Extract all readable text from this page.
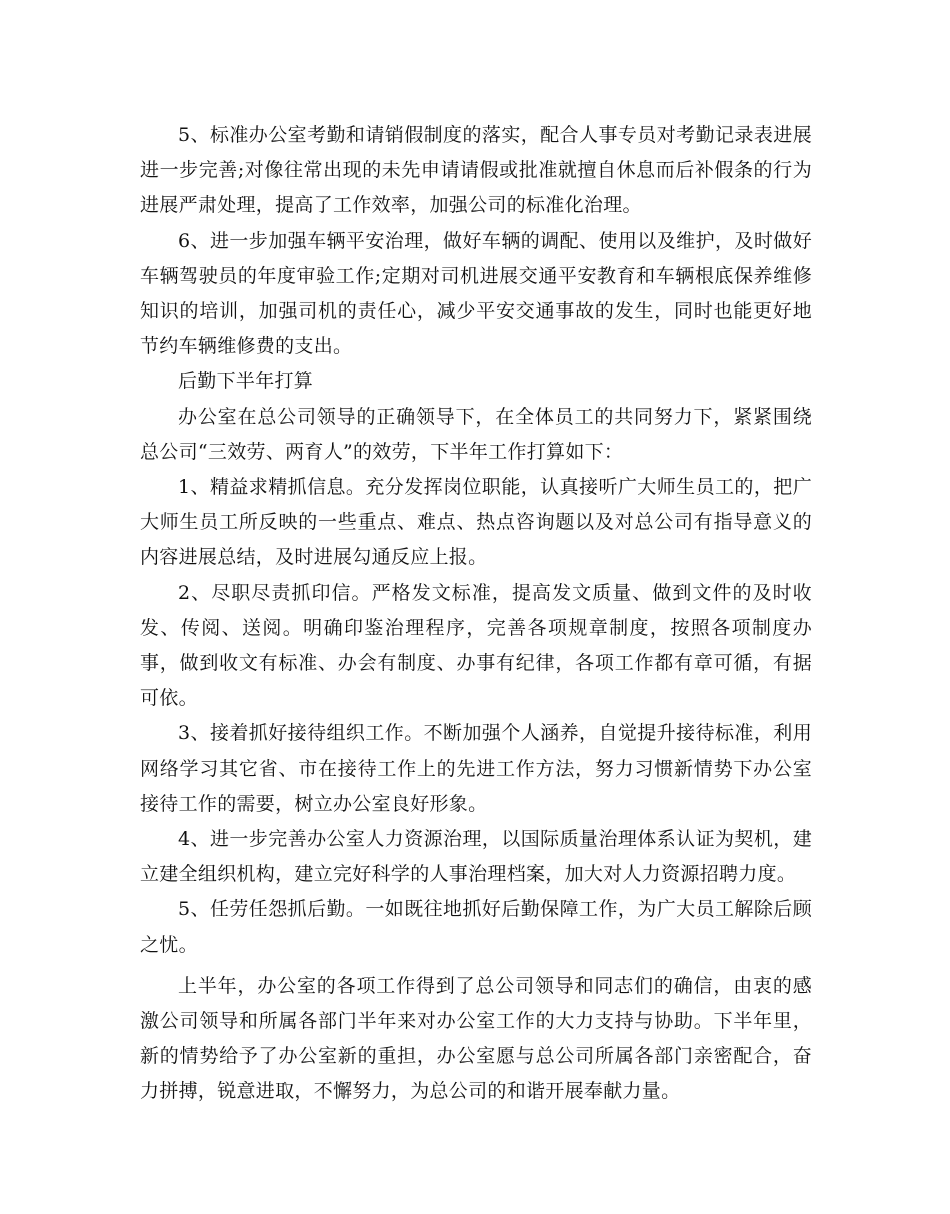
5、标准办公室考勤和请销假制度的落实，配合人事专员对考勤记录表进展进一步完善;对像往常出现的未先申请请假或批准就擅自休息而后补假条的行为进展严肃处理，提高了工作效率，加强公司的标准化治理。

6、进一步加强车辆平安治理，做好车辆的调配、使用以及维护，及时做好车辆驾驶员的年度审验工作;定期对司机进展交通平安教育和车辆根底保养维修知识的培训，加强司机的责任心，减少平安交通事故的发生，同时也能更好地节约车辆维修费的支出。

后勤下半年打算

办公室在总公司领导的正确领导下，在全体员工的共同努力下，紧紧围绕总公司“三效劳、两育人”的效劳，下半年工作打算如下：

1、精益求精抓信息。充分发挥岗位职能，认真接听广大师生员工的，把广大师生员工所反映的一些重点、难点、热点咨询题以及对总公司有指导意义的内容进展总结，及时进展勾通反应上报。

2、尽职尽责抓印信。严格发文标准，提高发文质量、做到文件的及时收发、传阅、送阅。明确印鉴治理程序，完善各项规章制度，按照各项制度办事，做到收文有标准、办会有制度、办事有纪律，各项工作都有章可循，有据可依。

3、接着抓好接待组织工作。不断加强个人涵养，自觉提升接待标准，利用网络学习其它省、市在接待工作上的先进工作方法，努力习惯新情势下办公室接待工作的需要，树立办公室良好形象。

4、进一步完善办公室人力资源治理，以国际质量治理体系认证为契机，建立建全组织机构，建立完好科学的人事治理档案，加大对人力资源招聘力度。

5、任劳任怨抓后勤。一如既往地抓好后勤保障工作，为广大员工解除后顾之忧。

上半年，办公室的各项工作得到了总公司领导和同志们的确信，由衷的感激公司领导和所属各部门半年来对办公室工作的大力支持与协助。下半年里，新的情势给予了办公室新的重担，办公室愿与总公司所属各部门亲密配合，奋力拼搏，锐意进取，不懈努力，为总公司的和谐开展奉献力量。
